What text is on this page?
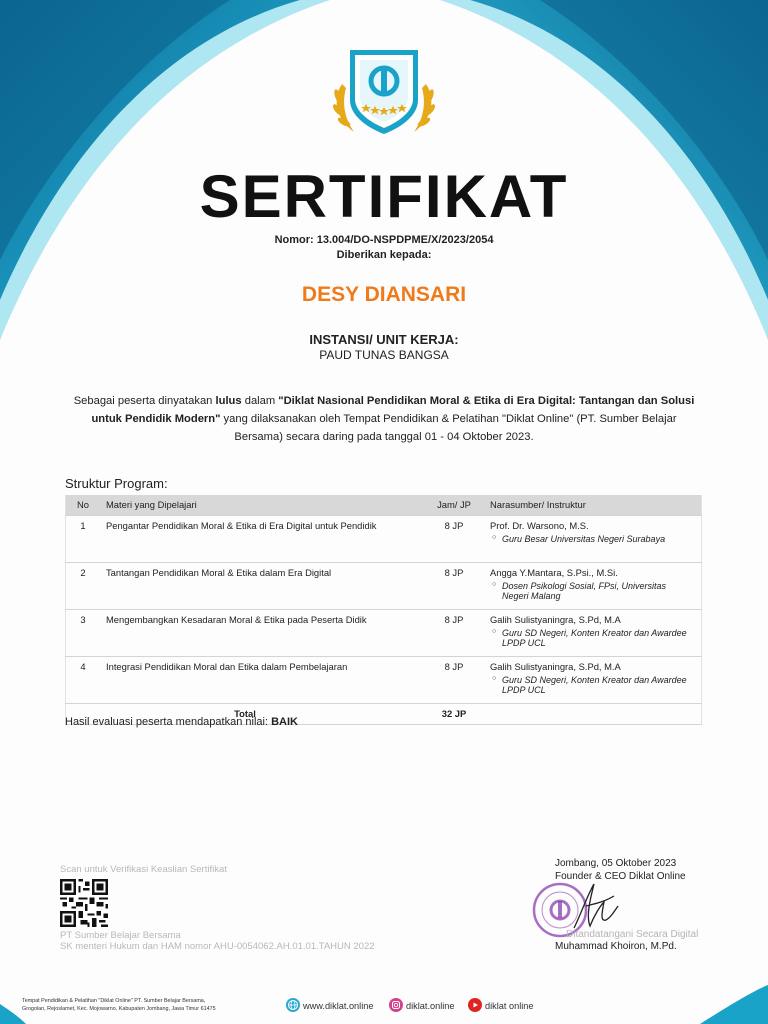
SERTIFIKAT
Nomor: 13.004/DO-NSPDPME/X/2023/2054
Diberikan kepada:
DESY DIANSARI
INSTANSI/ UNIT KERJA:
PAUD TUNAS BANGSA
Sebagai peserta dinyatakan lulus dalam "Diklat Nasional Pendidikan Moral & Etika di Era Digital: Tantangan dan Solusi untuk Pendidik Modern" yang dilaksanakan oleh Tempat Pendidikan & Pelatihan "Diklat Online" (PT. Sumber Belajar Bersama) secara daring pada tanggal 01 - 04 Oktober 2023.
Struktur Program:
No	Materi yang Dipelajari	Jam/ JP	Narasumber/ Instruktur
1	Pengantar Pendidikan Moral & Etika di Era Digital untuk Pendidik	8 JP	Prof. Dr. Warsono, M.S.
○ Guru Besar Universitas Negeri Surabaya

2	Tantangan Pendidikan Moral & Etika dalam Era Digital	8 JP	Angga Y.Mantara, S.Psi., M.Si.
○ Dosen Psikologi Sosial, FPsi, Universitas Negeri Malang

3	Mengembangkan Kesadaran Moral & Etika pada Peserta Didik	8 JP	Galih Sulistyaningra, S.Pd, M.A
○ Guru SD Negeri, Konten Kreator dan Awardee LPDP UCL

4	Integrasi Pendidikan Moral dan Etika dalam Pembelajaran	8 JP	Galih Sulistyaningra, S.Pd, M.A
○ Guru SD Negeri, Konten Kreator dan Awardee LPDP UCL

Total		32 JP	
Hasil evaluasi peserta mendapatkan nilai: BAIK
Scan untuk Verifikasi Keaslian Sertifikat
PT Sumber Belajar Bersama
SK menteri Hukum dan HAM nomor AHU-0054062.AH.01.01.TAHUN 2022
Jombang, 05 Oktober 2023
Founder & CEO Diklat Online
Ditandatangani Secara Digital
Muhammad Khoiron, M.Pd.
Tempat Pendidikan & Pelatihan "Diklat Online" PT. Sumber Belajar Bersama,
Grogolan, Rejoslamet, Kec. Mojowarno, Kabupaten Jombang, Jawa Timur 61475	www.diklat.online	diklat.online	diklat online
